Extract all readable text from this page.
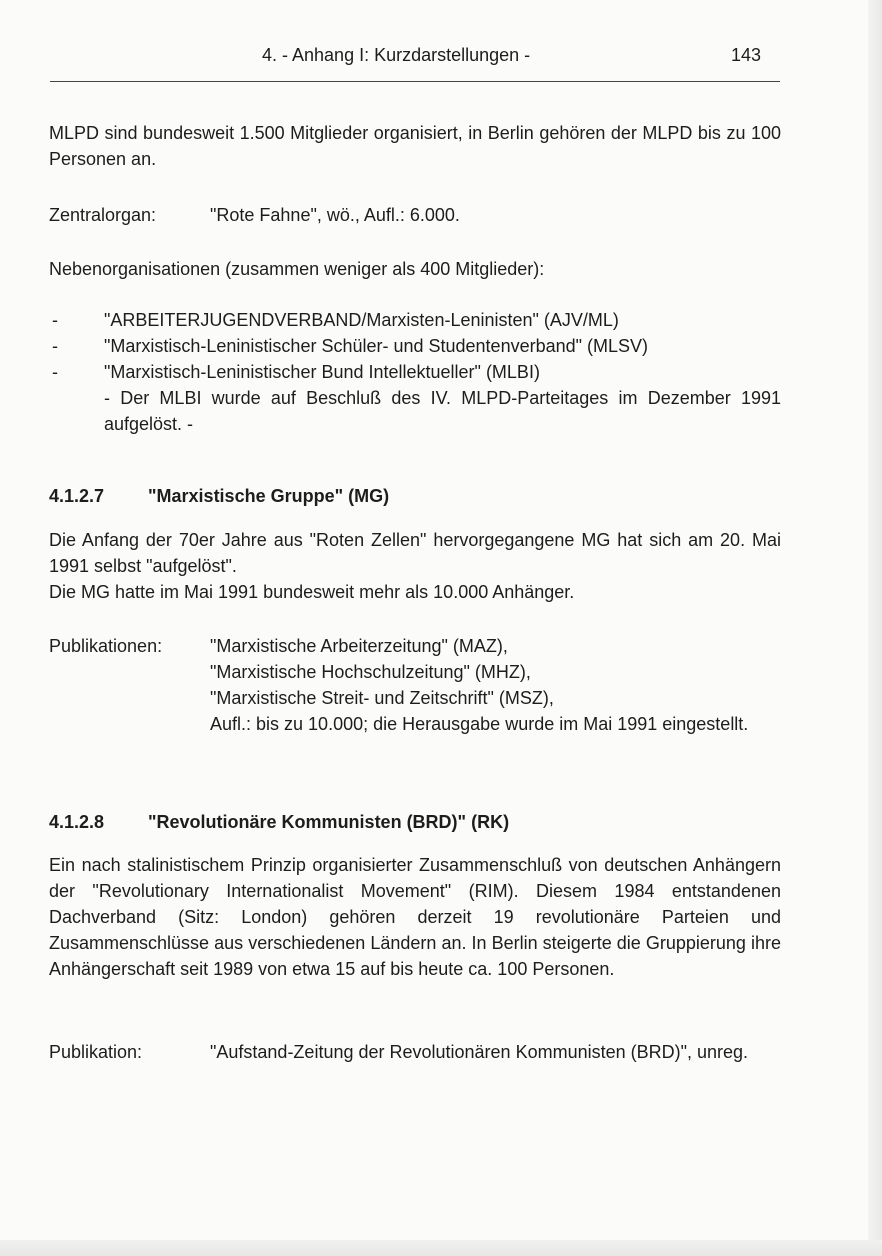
4. - Anhang I: Kurzdarstellungen -	143
MLPD sind bundesweit 1.500 Mitglieder organisiert, in Berlin gehören der MLPD bis zu 100 Personen an.
Zentralorgan:	"Rote Fahne", wö., Aufl.: 6.000.
Nebenorganisationen (zusammen weniger als 400 Mitglieder):
-	"ARBEITERJUGENDVERBAND/Marxisten-Leninisten" (AJV/ML)
-	"Marxistisch-Leninistischer Schüler- und Studentenverband" (MLSV)
-	"Marxistisch-Leninistischer Bund Intellektueller" (MLBI)
- Der MLBI wurde auf Beschluß des IV. MLPD-Parteitages im Dezember 1991 aufgelöst. -
4.1.2.7 "Marxistische Gruppe" (MG)
Die Anfang der 70er Jahre aus "Roten Zellen" hervorgegangene MG hat sich am 20. Mai 1991 selbst "aufgelöst".
Die MG hatte im Mai 1991 bundesweit mehr als 10.000 Anhänger.
Publikationen:	"Marxistische Arbeiterzeitung" (MAZ),
"Marxistische Hochschulzeitung" (MHZ),
"Marxistische Streit- und Zeitschrift" (MSZ),
Aufl.: bis zu 10.000; die Herausgabe wurde im Mai 1991 eingestellt.
4.1.2.8 "Revolutionäre Kommunisten (BRD)" (RK)
Ein nach stalinistischem Prinzip organisierter Zusammenschluß von deutschen Anhängern der "Revolutionary Internationalist Movement" (RIM). Diesem 1984 entstandenen Dachverband (Sitz: London) gehören derzeit 19 revolutionäre Parteien und Zusammenschlüsse aus verschiedenen Ländern an. In Berlin steigerte die Gruppierung ihre Anhängerschaft seit 1989 von etwa 15 auf bis heute ca. 100 Personen.
Publikation:	"Aufstand-Zeitung der Revolutionären Kommunisten (BRD)", unreg.
